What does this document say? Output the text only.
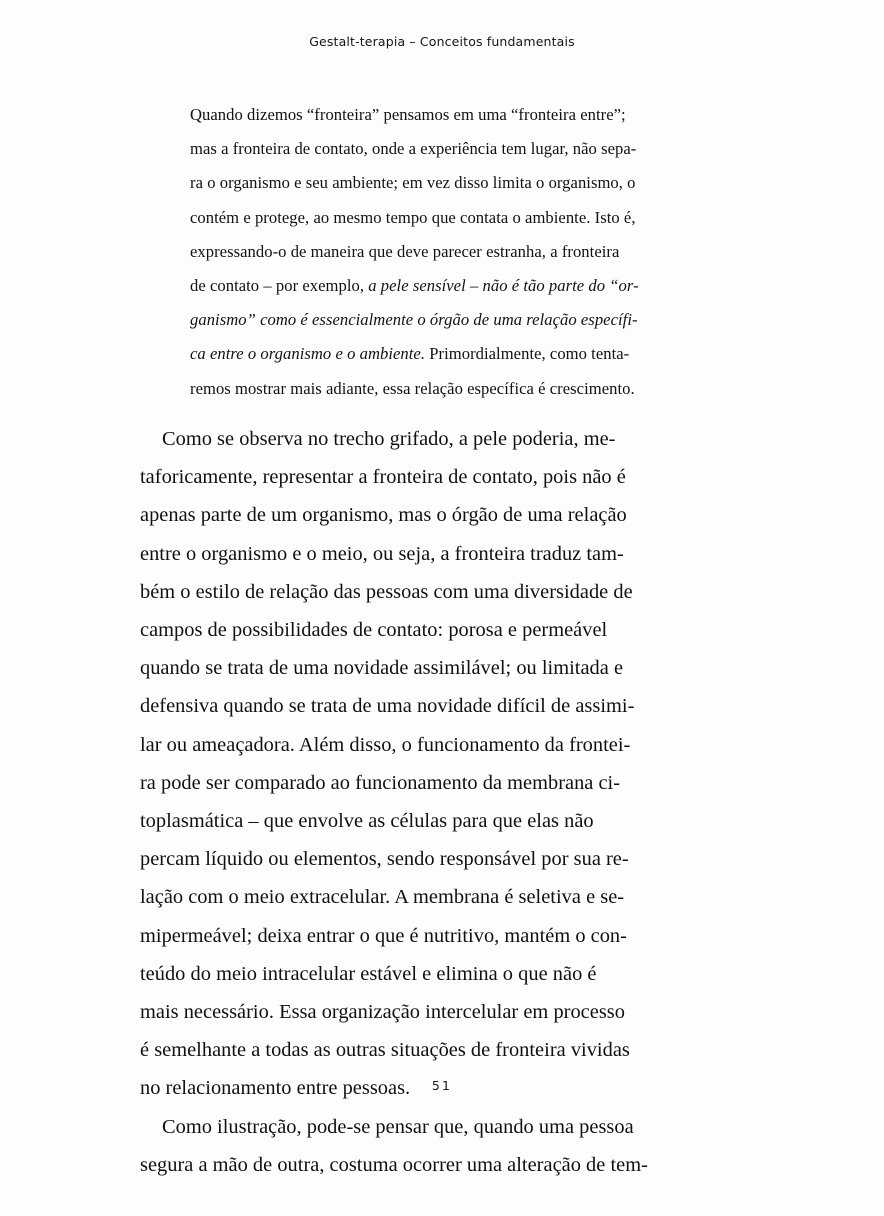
Gestalt-terapia – Conceitos fundamentais
Quando dizemos “fronteira” pensamos em uma “fronteira entre”;
mas a fronteira de contato, onde a experiência tem lugar, não sepa-
ra o organismo e seu ambiente; em vez disso limita o organismo, o
contém e protege, ao mesmo tempo que contata o ambiente. Isto é,
expressando-o de maneira que deve parecer estranha, a fronteira
de contato – por exemplo, a pele sensível – não é tão parte do “or-
ganismo” como é essencialmente o órgão de uma relação específi-
ca entre o organismo e o ambiente. Primordialmente, como tenta-
remos mostrar mais adiante, essa relação específica é crescimento.
Como se observa no trecho grifado, a pele poderia, me-
taforicamente, representar a fronteira de contato, pois não é
apenas parte de um organismo, mas o órgão de uma relação
entre o organismo e o meio, ou seja, a fronteira traduz tam-
bém o estilo de relação das pessoas com uma diversidade de
campos de possibilidades de contato: porosa e permeável
quando se trata de uma novidade assimilável; ou limitada e
defensiva quando se trata de uma novidade difícil de assimi-
lar ou ameaçadora. Além disso, o funcionamento da frontei-
ra pode ser comparado ao funcionamento da membrana ci-
toplasmática – que envolve as células para que elas não
percam líquido ou elementos, sendo responsável por sua re-
lação com o meio extracelular. A membrana é seletiva e se-
mipermeável; deixa entrar o que é nutritivo, mantém o con-
teúdo do meio intracelular estável e elimina o que não é
mais necessário. Essa organização intercelular em processo
é semelhante a todas as outras situações de fronteira vividas
no relacionamento entre pessoas.
Como ilustração, pode-se pensar que, quando uma pessoa
segura a mão de outra, costuma ocorrer uma alteração de tem-
51
